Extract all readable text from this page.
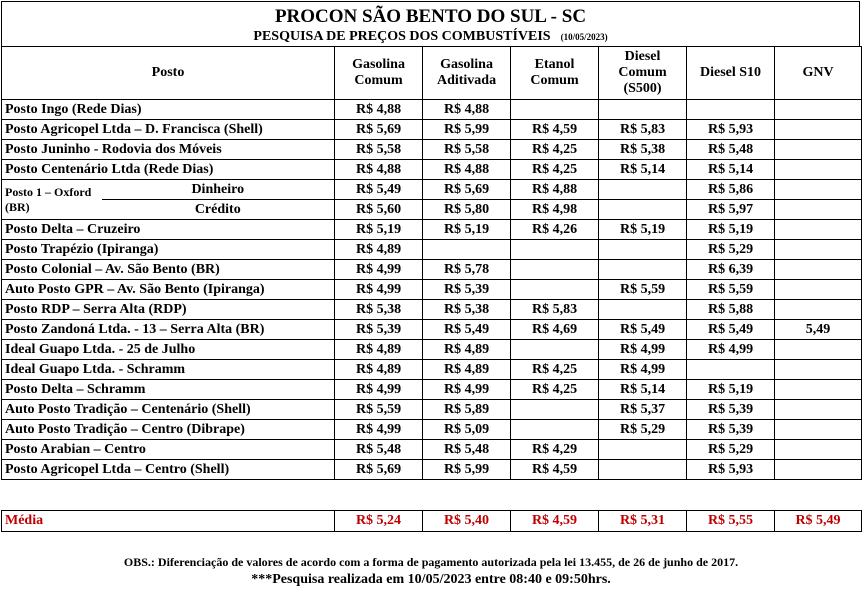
PROCON SÃO BENTO DO SUL - SC
PESQUISA DE PREÇOS DOS COMBUSTÍVEIS (10/05/2023)
Posto		Gasolina Comum	Gasolina Aditivada	Etanol Comum	Diesel Comum (S500)	Diesel S10	GNV
Posto Ingo (Rede Dias)		R$ 4,88	R$ 4,88				
Posto Agricopel Ltda – D. Francisca (Shell)		R$ 5,69	R$ 5,99	R$ 4,59	R$ 5,83	R$ 5,93	
Posto Juninho - Rodovia dos Móveis		R$ 5,58	R$ 5,58	R$ 4,25	R$ 5,38	R$ 5,48	
Posto Centenário Ltda (Rede Dias)		R$ 4,88	R$ 4,88	R$ 4,25	R$ 5,14	R$ 5,14	
Posto 1 – Oxford (BR)	Dinheiro	R$ 5,49	R$ 5,69	R$ 4,88		R$ 5,86	
	Crédito	R$ 5,60	R$ 5,80	R$ 4,98		R$ 5,97	
Posto Delta – Cruzeiro		R$ 5,19	R$ 5,19	R$ 4,26	R$ 5,19	R$ 5,19	
Posto Trapézio (Ipiranga)		R$ 4,89				R$ 5,29	
Posto Colonial – Av. São Bento (BR)		R$ 4,99	R$ 5,78			R$ 6,39	
Auto Posto GPR – Av. São Bento (Ipiranga)		R$ 4,99	R$ 5,39		R$ 5,59	R$ 5,59	
Posto RDP – Serra Alta (RDP)		R$ 5,38	R$ 5,38	R$ 5,83		R$ 5,88	
Posto Zandoná Ltda. - 13 – Serra Alta (BR)		R$ 5,39	R$ 5,49	R$ 4,69	R$ 5,49	R$ 5,49	5,49
Ideal Guapo Ltda. - 25 de Julho		R$ 4,89	R$ 4,89		R$ 4,99	R$ 4,99	
Ideal Guapo Ltda. - Schramm		R$ 4,89	R$ 4,89	R$ 4,25	R$ 4,99		
Posto Delta – Schramm		R$ 4,99	R$ 4,99	R$ 4,25	R$ 5,14	R$ 5,19	
Auto Posto Tradição – Centenário (Shell)		R$ 5,59	R$ 5,89		R$ 5,37	R$ 5,39	
Auto Posto Tradição – Centro (Dibrape)		R$ 4,99	R$ 5,09		R$ 5,29	R$ 5,39	
Posto Arabian – Centro		R$ 5,48	R$ 5,48	R$ 4,29		R$ 5,29	
Posto Agricopel Ltda – Centro (Shell)		R$ 5,69	R$ 5,99	R$ 4,59		R$ 5,93	
Média	R$ 5,24	R$ 5,40	R$ 4,59	R$ 5,31	R$ 5,55	R$ 5,49
OBS.: Diferenciação de valores de acordo com a forma de pagamento autorizada pela lei 13.455, de 26 de junho de 2017.
***Pesquisa realizada em 10/05/2023 entre 08:40 e 09:50hrs.
